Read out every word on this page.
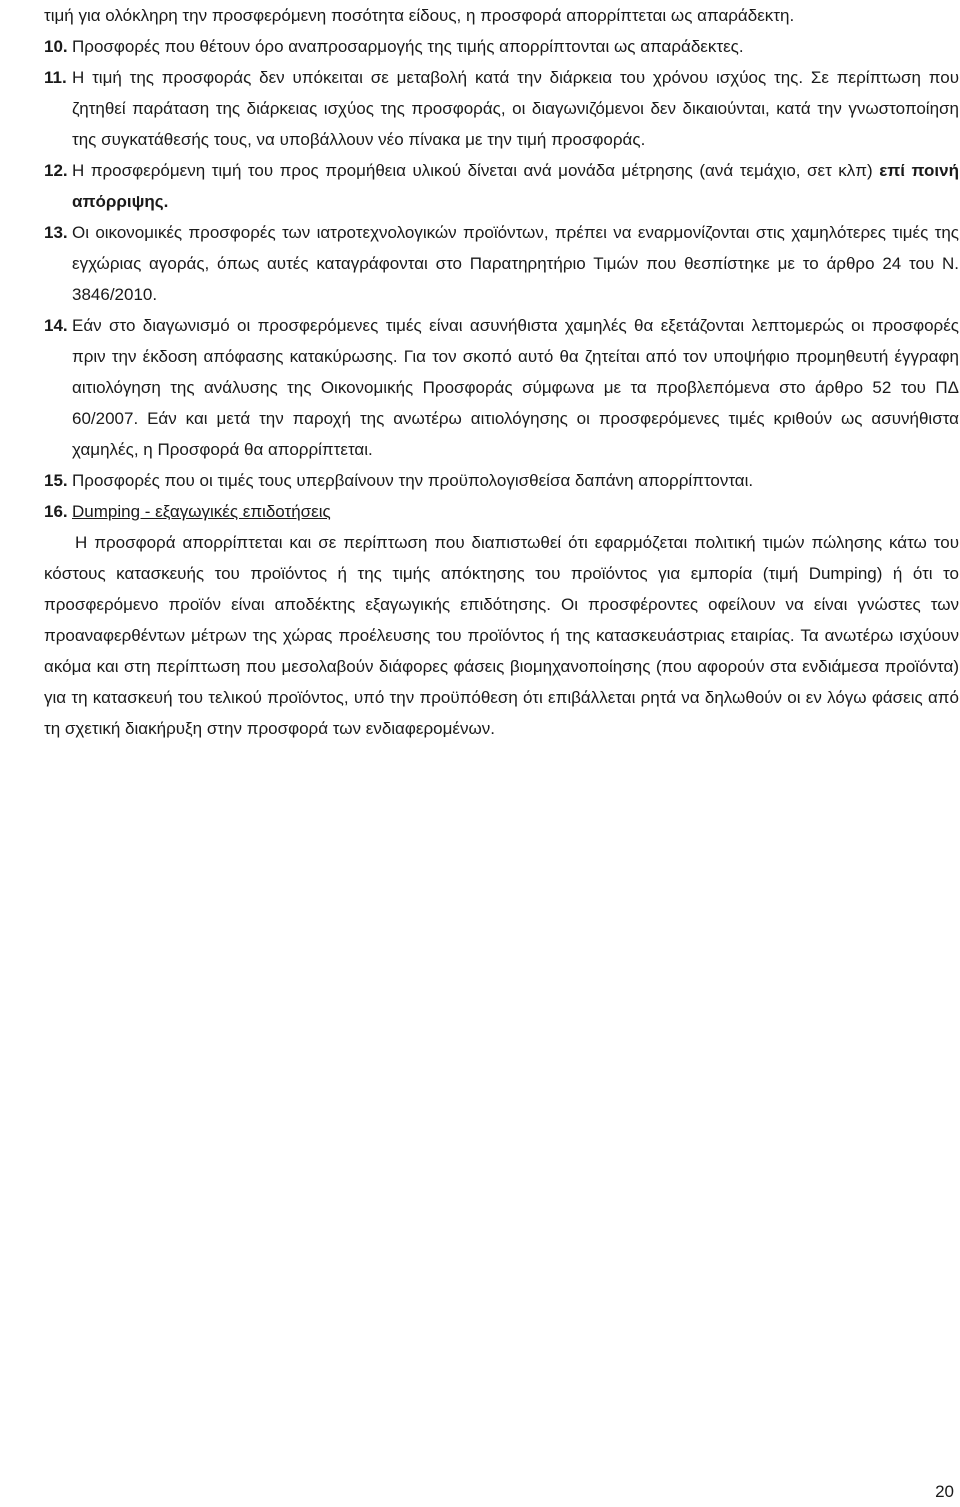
τιμή για ολόκληρη την προσφερόμενη ποσότητα είδους, η προσφορά απορρίπτεται ως απαράδεκτη.

10. Προσφορές που θέτουν όρο αναπροσαρμογής της τιμής απορρίπτονται ως απαράδεκτες.
11. Η τιμή της προσφοράς δεν υπόκειται σε μεταβολή κατά την διάρκεια του χρόνου ισχύος της. Σε περίπτωση που ζητηθεί παράταση της διάρκειας ισχύος της προσφοράς, οι διαγωνιζόμενοι δεν δικαιούνται, κατά την γνωστοποίηση της συγκατάθεσής τους, να υποβάλλουν νέο πίνακα με την τιμή προσφοράς.
12. Η προσφερόμενη τιμή του προς προμήθεια υλικού δίνεται ανά μονάδα μέτρησης (ανά τεμάχιο, σετ κλπ) επί ποινή απόρριψης.
13. Οι οικονομικές προσφορές των ιατροτεχνολογικών προϊόντων, πρέπει να εναρμονίζονται στις χαμηλότερες τιμές της εγχώριας αγοράς, όπως αυτές καταγράφονται στο Παρατηρητήριο Τιμών που θεσπίστηκε με το άρθρο 24 του Ν. 3846/2010.
14. Εάν στο διαγωνισμό οι προσφερόμενες τιμές είναι ασυνήθιστα χαμηλές θα εξετάζονται λεπτομερώς οι προσφορές πριν την έκδοση απόφασης κατακύρωσης. Για τον σκοπό αυτό θα ζητείται από τον υποψήφιο προμηθευτή έγγραφη αιτιολόγηση της ανάλυσης της Οικονομικής Προσφοράς σύμφωνα με τα προβλεπόμενα στο άρθρο 52 του ΠΔ 60/2007. Εάν και μετά την παροχή της ανωτέρω αιτιολόγησης οι προσφερόμενες τιμές κριθούν ως ασυνήθιστα χαμηλές, η Προσφορά θα απορρίπτεται.
15. Προσφορές που οι τιμές τους υπερβαίνουν την προϋπολογισθείσα δαπάνη απορρίπτονται.
16. Dumping - εξαγωγικές επιδοτήσεις

Η προσφορά απορρίπτεται και σε περίπτωση που διαπιστωθεί ότι εφαρμόζεται πολιτική τιμών πώλησης κάτω του κόστους κατασκευής του προϊόντος ή της τιμής απόκτησης του προϊόντος για εμπορία (τιμή Dumping) ή ότι το προσφερόμενο προϊόν είναι αποδέκτης εξαγωγικής επιδότησης. Οι προσφέροντες οφείλουν να είναι γνώστες των προαναφερθέντων μέτρων της χώρας προέλευσης του προϊόντος ή της κατασκευάστριας εταιρίας. Τα ανωτέρω ισχύουν ακόμα και στη περίπτωση που μεσολαβούν διάφορες φάσεις βιομηχανοποίησης (που αφορούν στα ενδιάμεσα προϊόντα) για τη κατασκευή του τελικού προϊόντος, υπό την προϋπόθεση ότι επιβάλλεται ρητά να δηλωθούν οι εν λόγω φάσεις από τη σχετική διακήρυξη στην προσφορά των ενδιαφερομένων.

20
